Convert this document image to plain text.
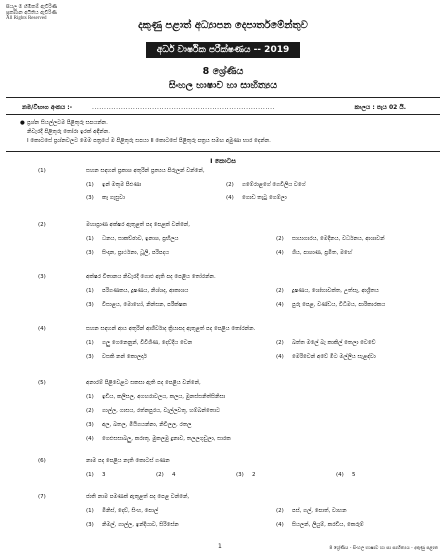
සියලු ම හිමිකම් ඇවිරිණි
ප්‍රකාශන අයිතිය ඇවිරිණි
All Rights Reserved
දකුණු පළාත් අධ්‍යාපන දෙපාර්තමේන්තුව
අර්ධ වාර්ෂික පරීක්ෂණය -- 2019
8 ශ්‍රේණිය
සිංහල භාෂාව හා සාහිත්‍යය
නම/විභාග අංකය :-	............................................................................	කාලය : පැය 02 යි.
● ප්‍රශ්න සියල්ලටම පිළිතුරු සපයන්න.
නිවැරදි පිළිතුරු තෝරා ඉරක් අඳින්න.
I කොටසේ ප්‍රශ්නවලට මෙම පත්‍රයේ ම පිළිතුරු සපයා II කොටසේ පිළිතුරු පත්‍රය සමඟ අමුණා භාර දෙන්න.
I කොටස
(1)	සහන සඳහන් ප්‍රකාශ අතුරින් ප්‍රත්‍යය පිරුලන් වන්නේ,
(1) ඉන් මතුම පිළුණා	(2) ගමේරාළගේ ගෙවිලිය වගේ
(3) කෑ ගැසුවා	(4) ගොඩ තැටු ගෙම්ලා
(2)	මහාප්‍රාණ අක්ෂර ඇතුළත් පද පෙළක් වන්නේ,
(1) ධනය, සාකච්ඡාව, ඉනාශ, ප්‍රභිලය	(2) සායාගාරය, මෙදිනය, වර්ධනය, ආශාවන්
(3) සිංදාන, ප්‍රාර්ථනා, ධූලි, පරිපදය	(4) ශිය, පාශාණ, ප්‍රමිත, මහේ
(3)	අක්ෂර විතානය නිවැරදි ගොළු ඇති පද පෙළිය තෝරන්න.
(1) පරිගණකය, දූෂණය, නිශ්ශද, ආකාශය	(2) දූෂණය, ශෝභාවක්ත, උත්සෑ, ආශ්‍රිතය
(3) විසාළය, මොහෝ, නින්සන, පරීක්ෂක	(4) පුරු පෙළ, වණ්ඩය, විධිමය, පාරිකාරකය
(4)	සහන සඳහන් ආය අතුරින් ආශීර්වාද ක්‍රියාපද ඇතුළත් පද පෙළිය තෝරන්න.
(1) ගලු ගෙනෙනුන්, විවිශීණ, දෙව්දිය වෙන	(2) බත්ත මලේ බැ කාකිල් තෙලා වෙවේ
(3) වසකි නන් කොලදාර්	(4) මෙරිවෙන් අවේ මිට මල්ලිය සැළඳ්වා
(5)	අනාරම් පිළිවෙළට සකසා ඇති පද පෙළිය වන්නේ,
(1) ඉඩිය, කලිසල, අගහරාවලය, කලය, මුනස්සනිත්සිනිසා
(2) ගාල්ල, ගාසය, රත්නපුරය, වැල්ලවතු, හම්බන්තොට
(3) අල, බතල, මියිගයන්නා, නිවිලල, රතල
(4) ගෙළුසසාබලු, කරාතු, මුකලමු දුනාව, තලලගුඩුලා, සාරක
(6)	නාම පද පෙළිය නැති කොටස් ගණන
(1) 3	(2) 4	(3) 2	(4) 5
(7)	ජාති නාම පමණක් ඇතුළත් පද පෙළ වන්නේ,
(1) මිනිස්, දෙව්, සිංහ, පොල්	(2) පස්, ගල්, පොත්, වාහන
(3) නිමල්, ගාල්ල, ඉන්දියාව, සිරිසේන	(4) සියලන්, ලියුම්, කරඩිය, කෙරුම්
1	8 ශ්‍රේණිය - සිංහල භාෂාව හා සා සාහිත්‍යය - දකුණු පළාත
